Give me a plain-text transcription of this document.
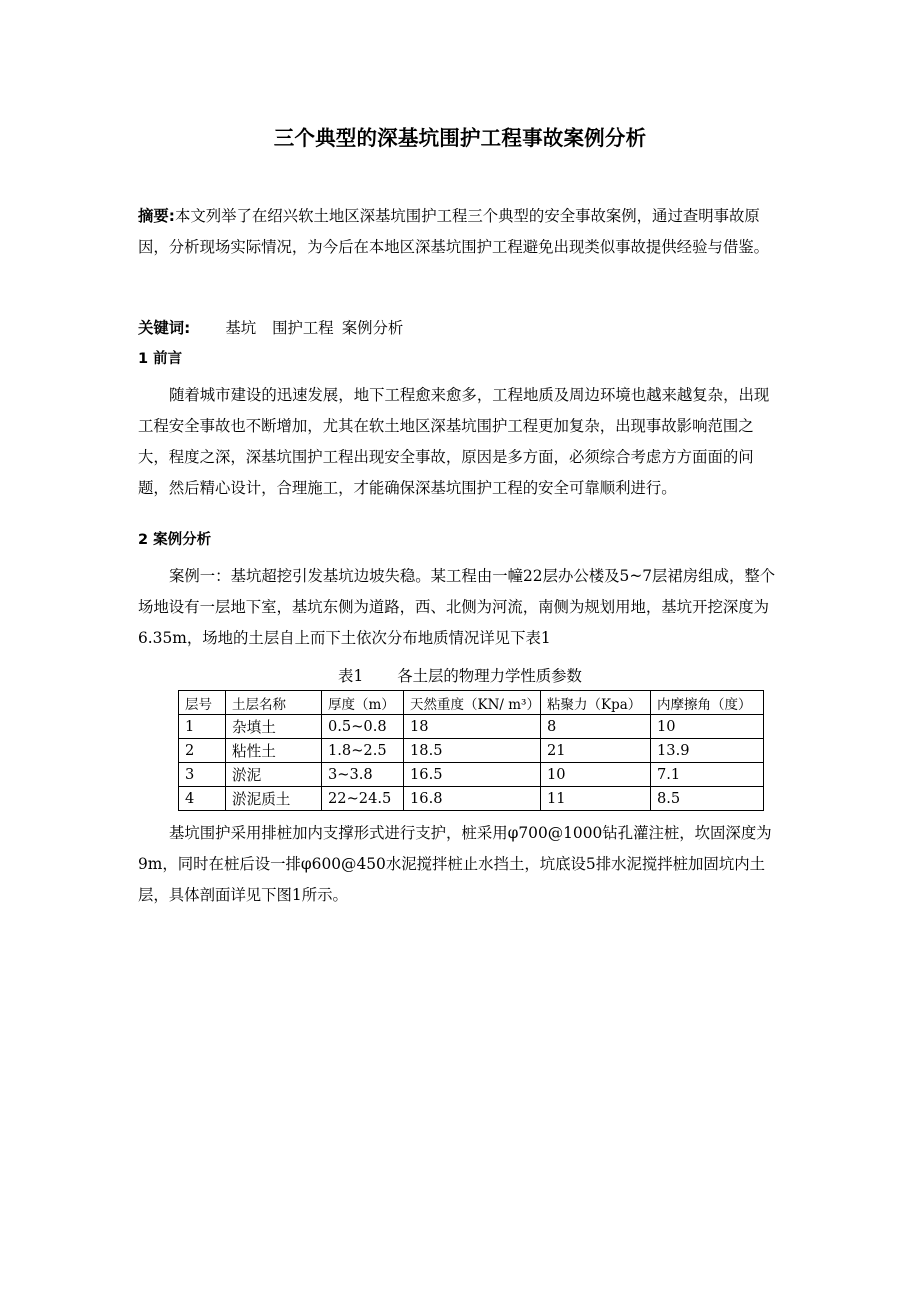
三个典型的深基坑围护工程事故案例分析
摘要:本文列举了在绍兴软土地区深基坑围护工程三个典型的安全事故案例，通过查明事故原因，分析现场实际情况，为今后在本地区深基坑围护工程避免出现类似事故提供经验与借鉴。
关键词: 基坑 围护工程 案例分析
1 前言
随着城市建设的迅速发展，地下工程愈来愈多，工程地质及周边环境也越来越复杂，出现工程安全事故也不断增加，尤其在软土地区深基坑围护工程更加复杂，出现事故影响范围之大，程度之深，深基坑围护工程出现安全事故，原因是多方面，必须综合考虑方方面面的问题，然后精心设计，合理施工，才能确保深基坑围护工程的安全可靠顺利进行。
2 案例分析
案例一：基坑超挖引发基坑边坡失稳。某工程由一幢22层办公楼及5~7层裙房组成，整个场地设有一层地下室，基坑东侧为道路，西、北侧为河流，南侧为规划用地，基坑开挖深度为6.35m，场地的土层自上而下土依次分布地质情况详见下表1
表1 各土层的物理力学性质参数
层号	土层名称	厚度（m）	天然重度（KN/ m³）	粘聚力（Kpa）	内摩擦角（度）
1	杂填土	0.5~0.8	18	8	10
2	粘性土	1.8~2.5	18.5	21	13.9
3	淤泥	3~3.8	16.5	10	7.1
4	淤泥质土	22~24.5	16.8	11	8.5
基坑围护采用排桩加内支撑形式进行支护，桩采用φ700@1000钻孔灌注桩，坎固深度为9m，同时在桩后设一排φ600@450水泥搅拌桩止水挡土，坑底设5排水泥搅拌桩加固坑内土层，具体剖面详见下图1所示。
